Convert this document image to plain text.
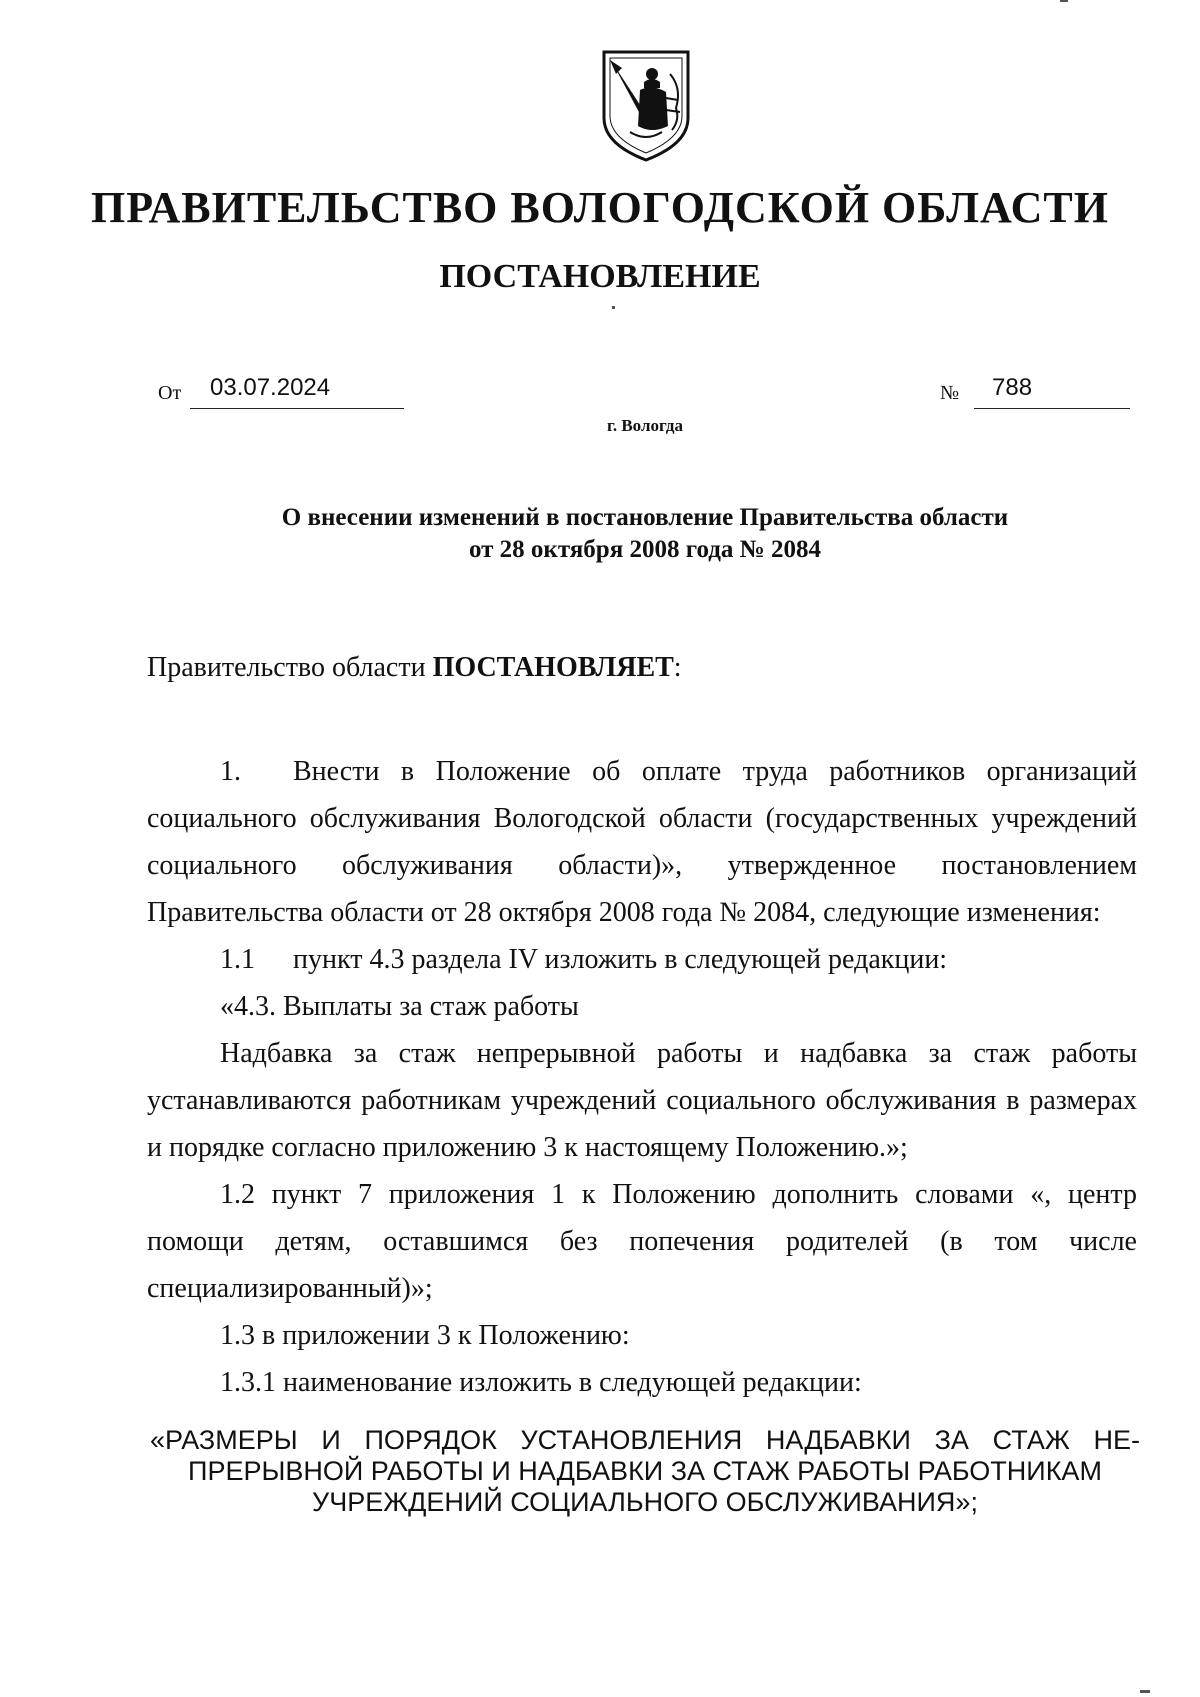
ПРАВИТЕЛЬСТВО ВОЛОГОДСКОЙ ОБЛАСТИ
ПОСТАНОВЛЕНИЕ
От 03.07.2024	№ 788
г. Вологда
О внесении изменений в постановление Правительства области
от 28 октября 2008 года № 2084
Правительство области ПОСТАНОВЛЯЕТ:

1. Внести в Положение об оплате труда работников организаций социального обслуживания Вологодской области (государственных учреждений социального обслуживания области)», утвержденное постановлением Правительства области от 28 октября 2008 года № 2084, следующие изменения:

1.1 пункт 4.3 раздела IV изложить в следующей редакции:

«4.3. Выплаты за стаж работы

Надбавка за стаж непрерывной работы и надбавка за стаж работы устанавливаются работникам учреждений социального обслуживания в размерах и порядке согласно приложению 3 к настоящему Положению.»;

1.2 пункт 7 приложения 1 к Положению дополнить словами «, центр помощи детям, оставшимся без попечения родителей (в том числе специализированный)»;

1.3 в приложении 3 к Положению:

1.3.1 наименование изложить в следующей редакции:

«РАЗМЕРЫ И ПОРЯДОК УСТАНОВЛЕНИЯ НАДБАВКИ ЗА СТАЖ НЕ-
ПРЕРЫВНОЙ РАБОТЫ И НАДБАВКИ ЗА СТАЖ РАБОТЫ РАБОТНИКАМ
УЧРЕЖДЕНИЙ СОЦИАЛЬНОГО ОБСЛУЖИВАНИЯ»;
